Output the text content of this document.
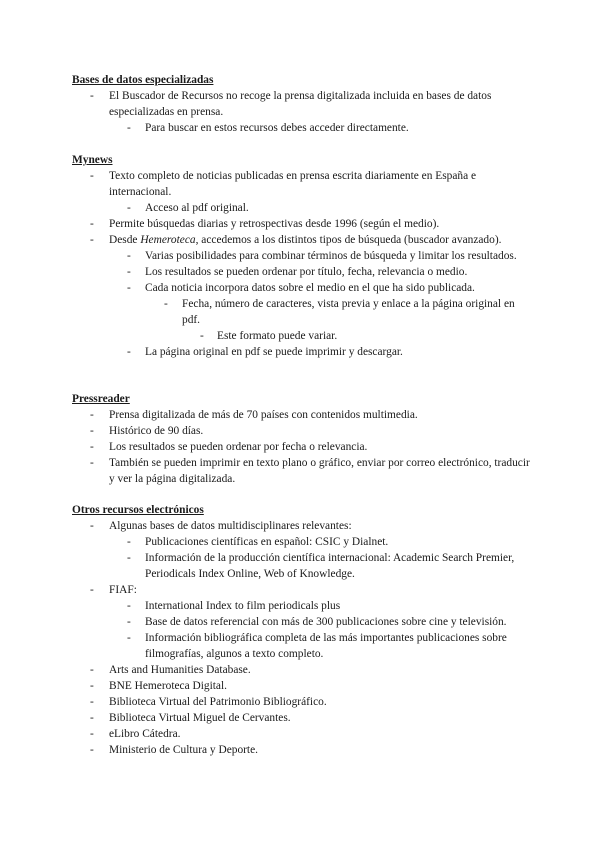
Bases de datos especializadas
- El Buscador de Recursos no recoge la prensa digitalizada incluida en bases de datos especializadas en prensa.
- Para buscar en estos recursos debes acceder directamente.
Mynews
- Texto completo de noticias publicadas en prensa escrita diariamente en España e internacional.
- Acceso al pdf original.
- Permite búsquedas diarias y retrospectivas desde 1996 (según el medio).
- Desde Hemeroteca, accedemos a los distintos tipos de búsqueda (buscador avanzado).
- Varias posibilidades para combinar términos de búsqueda y limitar los resultados.
- Los resultados se pueden ordenar por título, fecha, relevancia o medio.
- Cada noticia incorpora datos sobre el medio en el que ha sido publicada.
- Fecha, número de caracteres, vista previa y enlace a la página original en pdf.
- Este formato puede variar.
- La página original en pdf se puede imprimir y descargar.
Pressreader
- Prensa digitalizada de más de 70 países con contenidos multimedia.
- Histórico de 90 días.
- Los resultados se pueden ordenar por fecha o relevancia.
- También se pueden imprimir en texto plano o gráfico, enviar por correo electrónico, traducir y ver la página digitalizada.
Otros recursos electrónicos
- Algunas bases de datos multidisciplinares relevantes:
- Publicaciones científicas en español: CSIC y Dialnet.
- Información de la producción científica internacional: Academic Search Premier, Periodicals Index Online, Web of Knowledge.
- FIAF:
- International Index to film periodicals plus
- Base de datos referencial con más de 300 publicaciones sobre cine y televisión.
- Información bibliográfica completa de las más importantes publicaciones sobre filmografías, algunos a texto completo.
- Arts and Humanities Database.
- BNE Hemeroteca Digital.
- Biblioteca Virtual del Patrimonio Bibliográfico.
- Biblioteca Virtual Miguel de Cervantes.
- eLibro Cátedra.
- Ministerio de Cultura y Deporte.
